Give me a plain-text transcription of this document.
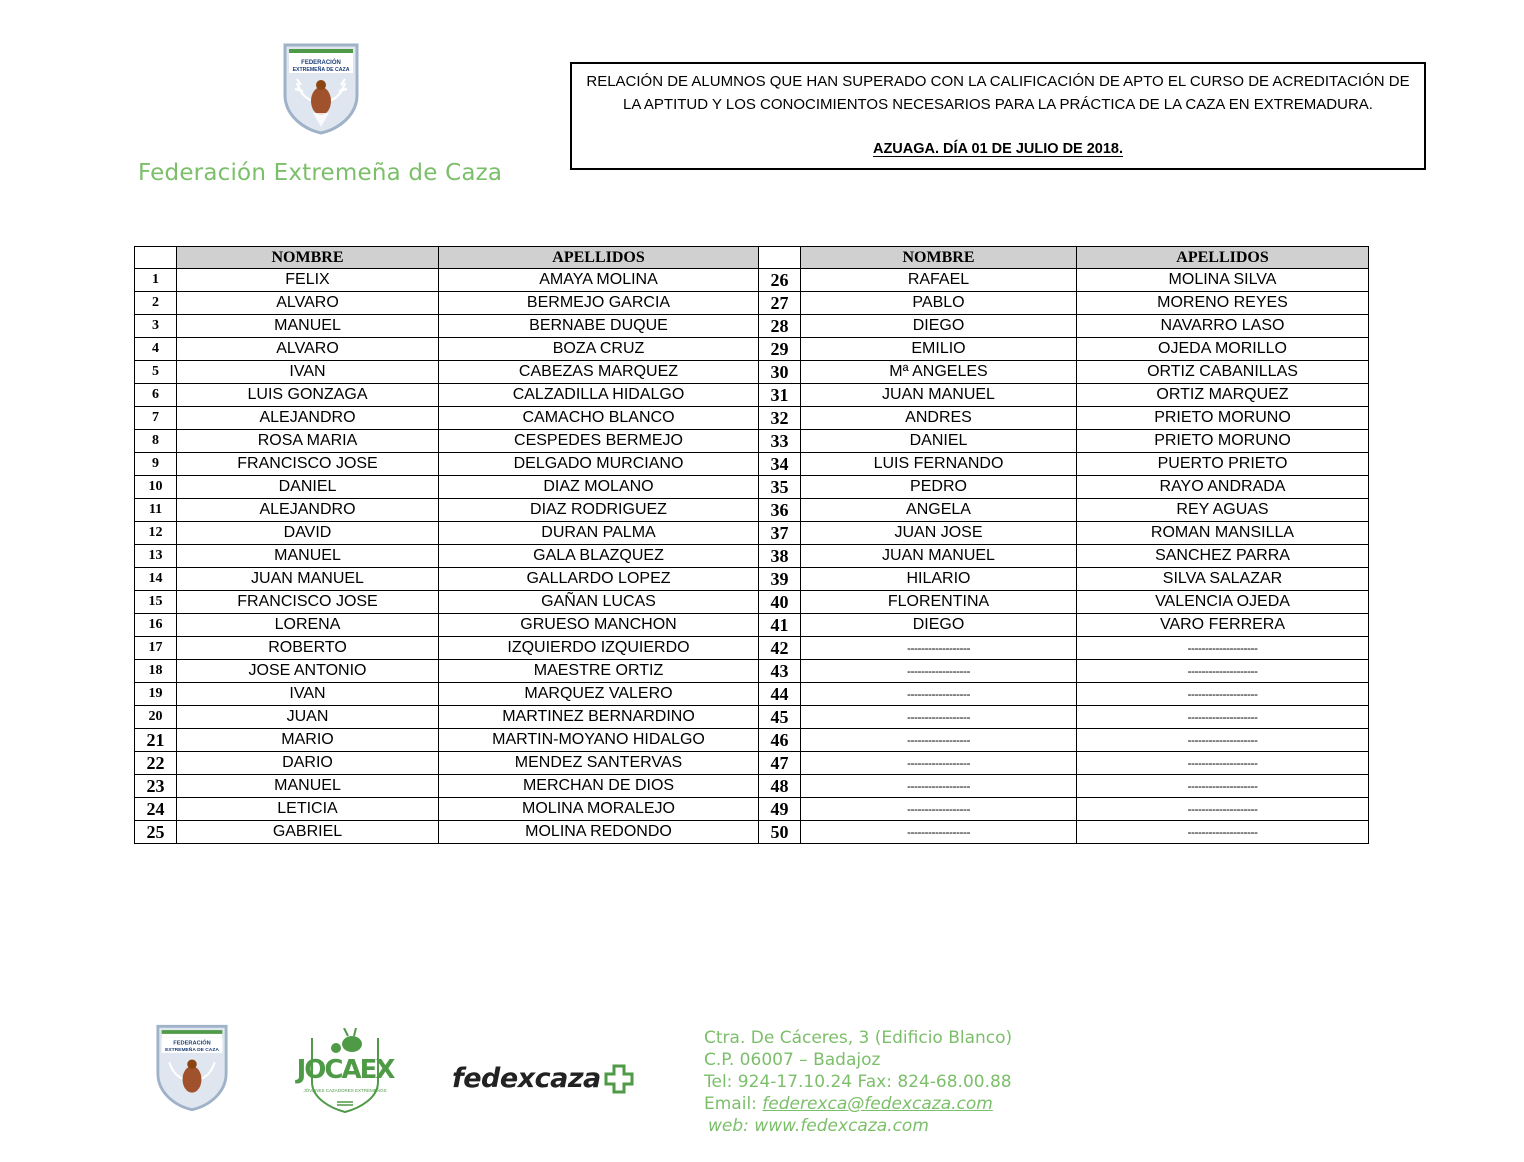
FEDERACIÓN
EXTREMEÑA DE CAZA
Federación Extremeña de Caza
RELACIÓN DE ALUMNOS QUE HAN SUPERADO CON LA CALIFICACIÓN DE APTO EL CURSO DE ACREDITACIÓN DE
LA APTITUD Y LOS CONOCIMIENTOS NECESARIOS PARA LA PRÁCTICA DE LA CAZA EN EXTREMADURA.
AZUAGA. DÍA 01 DE JULIO DE 2018.
	NOMBRE	APELLIDOS		NOMBRE	APELLIDOS
1	FELIX	AMAYA MOLINA	26	RAFAEL	MOLINA SILVA
2	ALVARO	BERMEJO GARCIA	27	PABLO	MORENO REYES
3	MANUEL	BERNABE DUQUE	28	DIEGO	NAVARRO LASO
4	ALVARO	BOZA CRUZ	29	EMILIO	OJEDA MORILLO
5	IVAN	CABEZAS MARQUEZ	30	Mª ANGELES	ORTIZ CABANILLAS
6	LUIS GONZAGA	CALZADILLA HIDALGO	31	JUAN MANUEL	ORTIZ MARQUEZ
7	ALEJANDRO	CAMACHO BLANCO	32	ANDRES	PRIETO MORUNO
8	ROSA MARIA	CESPEDES BERMEJO	33	DANIEL	PRIETO MORUNO
9	FRANCISCO JOSE	DELGADO MURCIANO	34	LUIS FERNANDO	PUERTO PRIETO
10	DANIEL	DIAZ MOLANO	35	PEDRO	RAYO ANDRADA
11	ALEJANDRO	DIAZ RODRIGUEZ	36	ANGELA	REY AGUAS
12	DAVID	DURAN PALMA	37	JUAN JOSE	ROMAN MANSILLA
13	MANUEL	GALA BLAZQUEZ	38	JUAN MANUEL	SANCHEZ PARRA
14	JUAN MANUEL	GALLARDO LOPEZ	39	HILARIO	SILVA SALAZAR
15	FRANCISCO JOSE	GAÑAN LUCAS	40	FLORENTINA	VALENCIA OJEDA
16	LORENA	GRUESO MANCHON	41	DIEGO	VARO FERRERA
17	ROBERTO	IZQUIERDO IZQUIERDO	42	------------------	--------------------
18	JOSE ANTONIO	MAESTRE ORTIZ	43	------------------	--------------------
19	IVAN	MARQUEZ VALERO	44	------------------	--------------------
20	JUAN	MARTINEZ BERNARDINO	45	------------------	--------------------
21	MARIO	MARTIN-MOYANO HIDALGO	46	------------------	--------------------
22	DARIO	MENDEZ SANTERVAS	47	------------------	--------------------
23	MANUEL	MERCHAN DE DIOS	48	------------------	--------------------
24	LETICIA	MOLINA MORALEJO	49	------------------	--------------------
25	GABRIEL	MOLINA REDONDO	50	------------------	--------------------
FEDERACIÓN
EXTREMEÑA DE CAZA
JOCAEX
JÓVENES CAZADORES EXTREMEÑOS fedexcaza
Ctra. De Cáceres, 3 (Edificio Blanco)
C.P. 06007 – Badajoz
Tel: 924-17.10.24 Fax: 824-68.00.88
Email: federexca@fedexcaza.com
web: www.fedexcaza.com
